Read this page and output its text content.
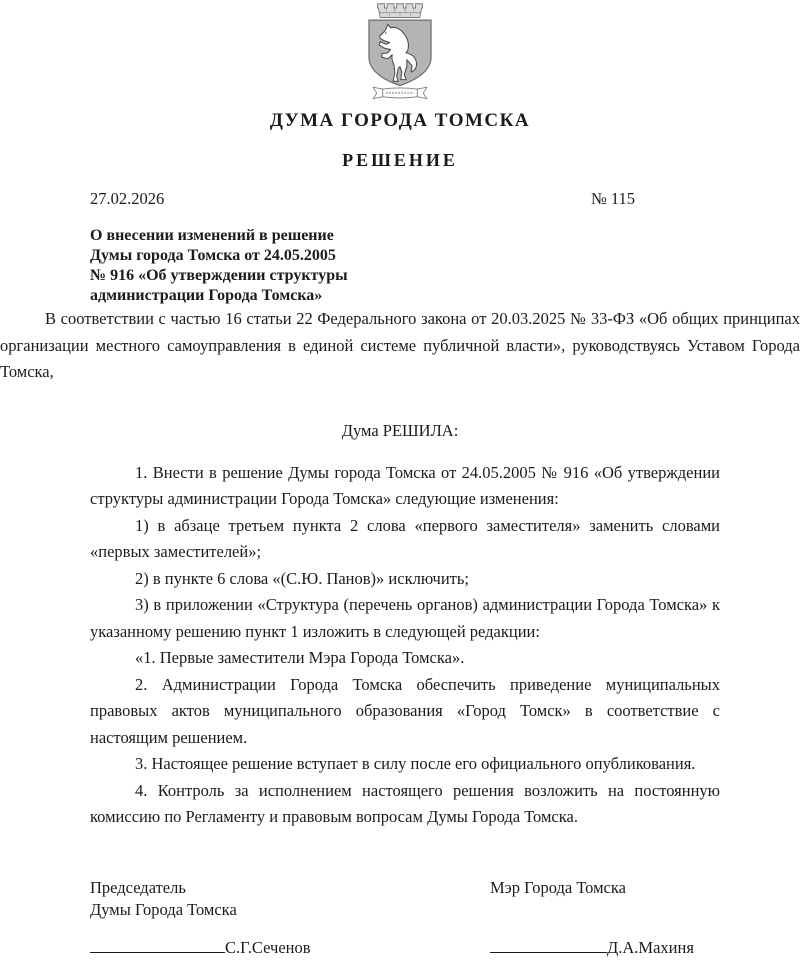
ДУМА ГОРОДА ТОМСКА
РЕШЕНИЕ
27.02.2026	№ 115
О внесении изменений в решение
Думы города Томска от 24.05.2005
№ 916 «Об утверждении структуры
администрации Города Томска»

В соответствии с частью 16 статьи 22 Федерального закона от 20.03.2025 № 33-ФЗ «Об общих принципах организации местного самоуправления в единой системе публичной власти», руководствуясь Уставом Города Томска,

Дума РЕШИЛА:

1. Внести в решение Думы города Томска от 24.05.2005 № 916 «Об утверждении структуры администрации Города Томска» следующие изменения:

1) в абзаце третьем пункта 2 слова «первого заместителя» заменить словами «первых заместителей»;

2) в пункте 6 слова «(С.Ю. Панов)» исключить;

3) в приложении «Структура (перечень органов) администрации Города Томска» к указанному решению пункт 1 изложить в следующей редакции:

«1. Первые заместители Мэра Города Томска».

2. Администрации Города Томска обеспечить приведение муниципальных правовых актов муниципального образования «Город Томск» в соответствие с настоящим решением.

3. Настоящее решение вступает в силу после его официального опубликования.

4. Контроль за исполнением настоящего решения возложить на постоянную комиссию по Регламенту и правовым вопросам Думы Города Томска.

Председатель
Думы Города Томска
Мэр Города Томска
С.Г.Сеченов	Д.А.Махиня
